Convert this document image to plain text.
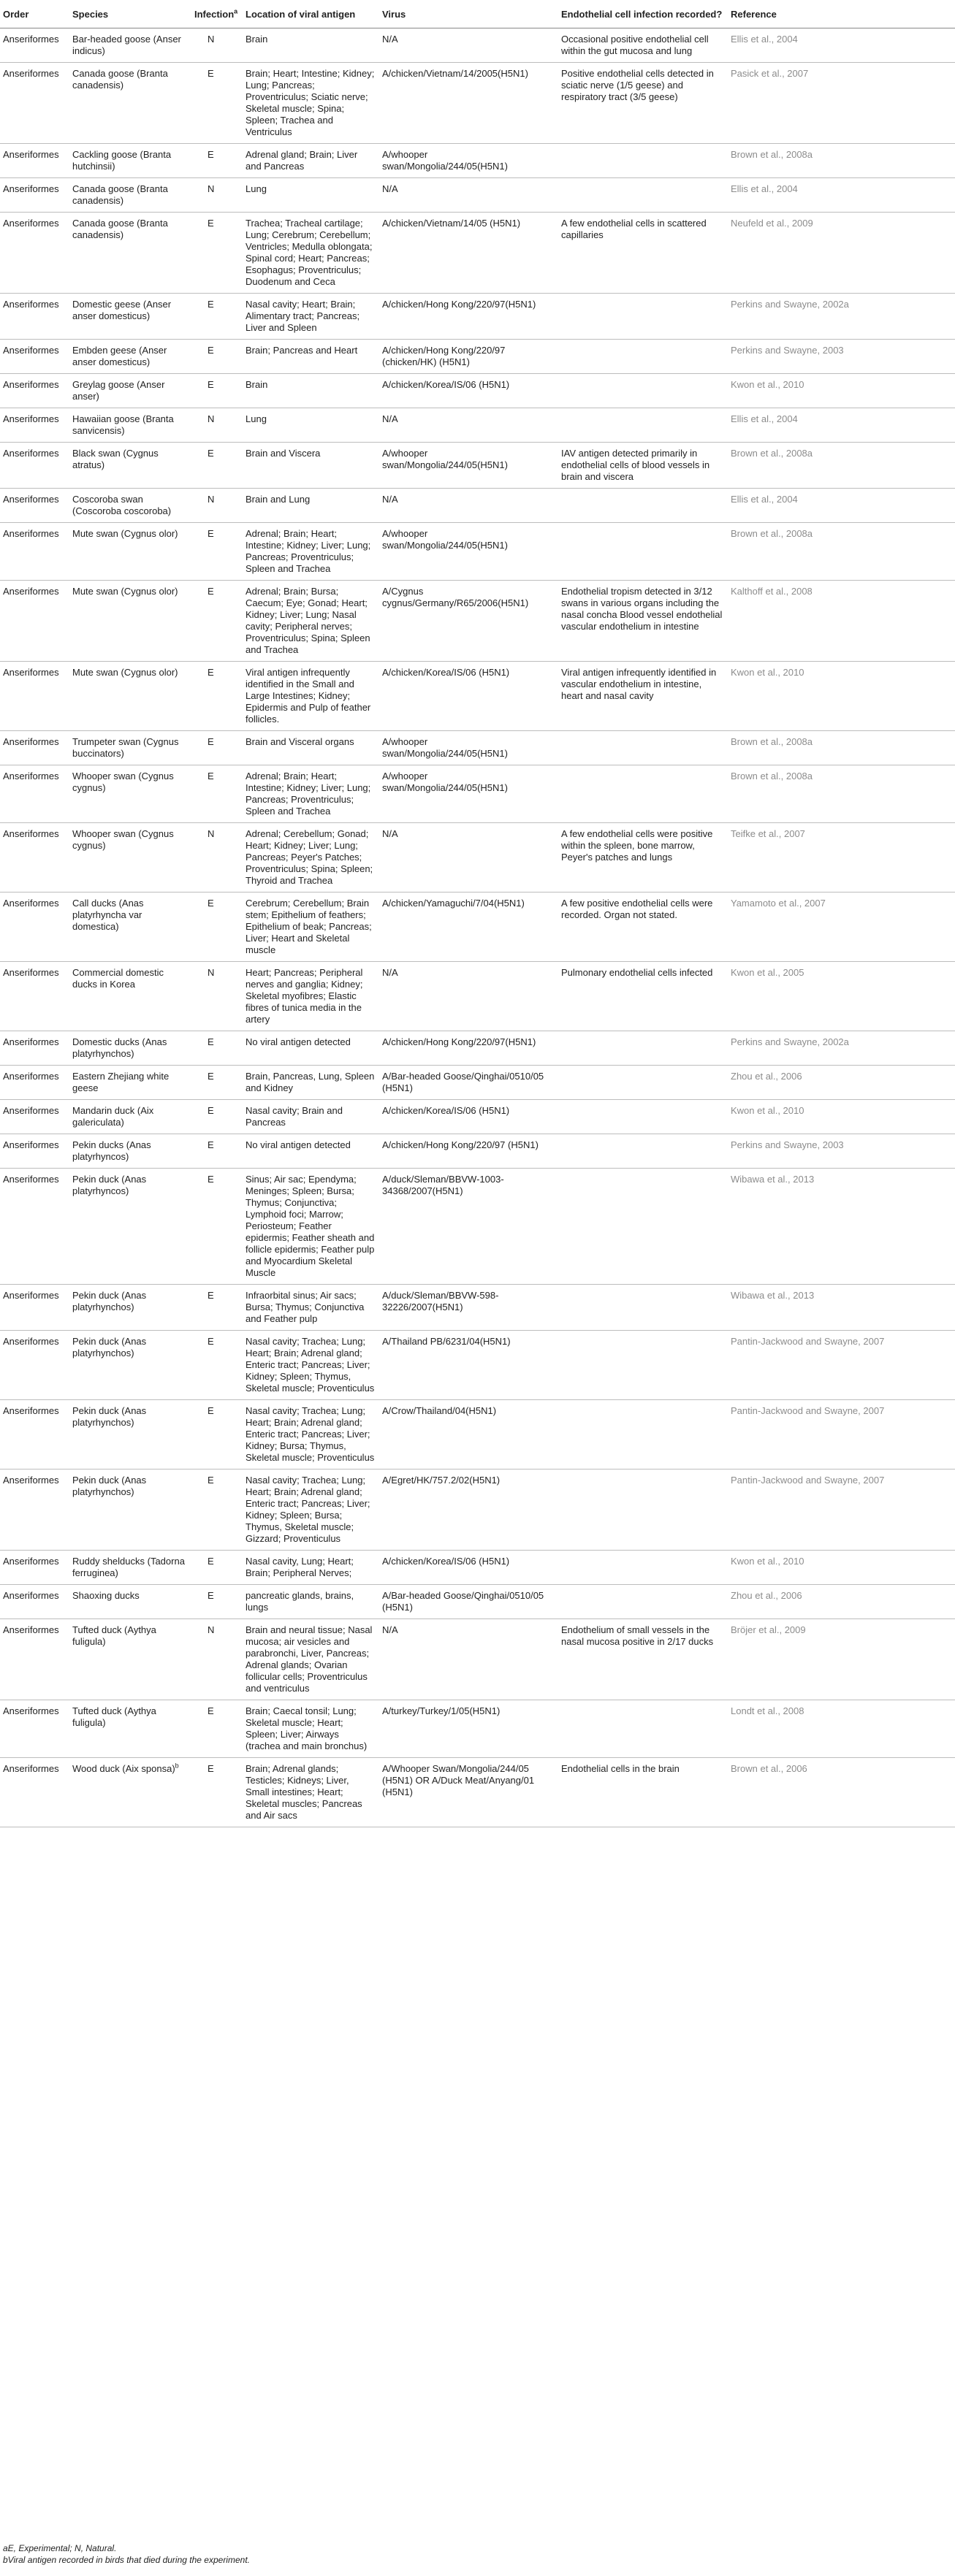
Order	Species	Infection$^a$	Location of viral antigen	Virus	Endothelial cell infection recorded?	Reference
Anseriformes	Bar-headed goose (Anser indicus)	N	Brain	N/A	Occasional positive endothelial cell within the gut mucosa and lung	Ellis et al., 2004
Anseriformes	Canada goose (Branta canadensis)	E	Brain; Heart; Intestine; Kidney; Lung; Pancreas; Proventriculus; Sciatic nerve; Skeletal muscle; Spina; Spleen; Trachea and Ventriculus	A/chicken/Vietnam/14/2005(H5N1)	Positive endothelial cells detected in sciatic nerve (1/5 geese) and respiratory tract (3/5 geese)	Pasick et al., 2007
Anseriformes	Cackling goose (Branta hutchinsii)	E	Adrenal gland; Brain; Liver and Pancreas	A/whooper swan/Mongolia/244/05(H5N1)		Brown et al., 2008a
Anseriformes	Canada goose (Branta canadensis)	N	Lung	N/A		Ellis et al., 2004
Anseriformes	Canada goose (Branta canadensis)	E	Trachea; Tracheal cartilage; Lung; Cerebrum; Cerebellum; Ventricles; Medulla oblongata; Spinal cord; Heart; Pancreas; Esophagus; Proventriculus; Duodenum and Ceca	A/chicken/Vietnam/14/05 (H5N1)	A few endothelial cells in scattered capillaries	Neufeld et al., 2009
Anseriformes	Domestic geese (Anser anser domesticus)	E	Nasal cavity; Heart; Brain; Alimentary tract; Pancreas; Liver and Spleen	A/chicken/Hong Kong/220/97(H5N1)		Perkins and Swayne, 2002a
Anseriformes	Embden geese (Anser anser domesticus)	E	Brain; Pancreas and Heart	A/chicken/Hong Kong/220/97 (chicken/HK) (H5N1)		Perkins and Swayne, 2003
Anseriformes	Greylag goose (Anser anser)	E	Brain	A/chicken/Korea/IS/06 (H5N1)		Kwon et al., 2010
Anseriformes	Hawaiian goose (Branta sanvicensis)	N	Lung	N/A		Ellis et al., 2004
Anseriformes	Black swan (Cygnus atratus)	E	Brain and Viscera	A/whooper swan/Mongolia/244/05(H5N1)	IAV antigen detected primarily in endothelial cells of blood vessels in brain and viscera	Brown et al., 2008a
Anseriformes	Coscoroba swan (Coscoroba coscoroba)	N	Brain and Lung	N/A		Ellis et al., 2004
Anseriformes	Mute swan (Cygnus olor)	E	Adrenal; Brain; Heart; Intestine; Kidney; Liver; Lung; Pancreas; Proventriculus; Spleen and Trachea	A/whooper swan/Mongolia/244/05(H5N1)		Brown et al., 2008a
Anseriformes	Mute swan (Cygnus olor)	E	Adrenal; Brain; Bursa; Caecum; Eye; Gonad; Heart; Kidney; Liver; Lung; Nasal cavity; Peripheral nerves; Proventriculus; Spina; Spleen and Trachea	A/Cygnus cygnus/Germany/R65/2006(H5N1)	Endothelial tropism detected in 3/12 swans in various organs including the nasal concha Blood vessel endothelial vascular endothelium in intestine	Kalthoff et al., 2008
Anseriformes	Mute swan (Cygnus olor)	E	Viral antigen infrequently identified in the Small and Large Intestines; Kidney; Epidermis and Pulp of feather follicles.	A/chicken/Korea/IS/06 (H5N1)	Viral antigen infrequently identified in vascular endothelium in intestine, heart and nasal cavity	Kwon et al., 2010
Anseriformes	Trumpeter swan (Cygnus buccinators)	E	Brain and Visceral organs	A/whooper swan/Mongolia/244/05(H5N1)		Brown et al., 2008a
Anseriformes	Whooper swan (Cygnus cygnus)	E	Adrenal; Brain; Heart; Intestine; Kidney; Liver; Lung; Pancreas; Proventriculus; Spleen and Trachea	A/whooper swan/Mongolia/244/05(H5N1)		Brown et al., 2008a
Anseriformes	Whooper swan (Cygnus cygnus)	N	Adrenal; Cerebellum; Gonad; Heart; Kidney; Liver; Lung; Pancreas; Peyer's Patches; Proventriculus; Spina; Spleen; Thyroid and Trachea	N/A	A few endothelial cells were positive within the spleen, bone marrow, Peyer's patches and lungs	Teifke et al., 2007
Anseriformes	Call ducks (Anas platyrhyncha var domestica)	E	Cerebrum; Cerebellum; Brain stem; Epithelium of feathers; Epithelium of beak; Pancreas; Liver; Heart and Skeletal muscle	A/chicken/Yamaguchi/7/04(H5N1)	A few positive endothelial cells were recorded. Organ not stated.	Yamamoto et al., 2007
Anseriformes	Commercial domestic ducks in Korea	N	Heart; Pancreas; Peripheral nerves and ganglia; Kidney; Skeletal myofibres; Elastic fibres of tunica media in the artery	N/A	Pulmonary endothelial cells infected	Kwon et al., 2005
Anseriformes	Domestic ducks (Anas platyrhynchos)	E	No viral antigen detected	A/chicken/Hong Kong/220/97(H5N1)		Perkins and Swayne, 2002a
Anseriformes	Eastern Zhejiang white geese	E	Brain, Pancreas, Lung, Spleen and Kidney	A/Bar-headed Goose/Qinghai/0510/05 (H5N1)		Zhou et al., 2006
Anseriformes	Mandarin duck (Aix galericulata)	E	Nasal cavity; Brain and Pancreas	A/chicken/Korea/IS/06 (H5N1)		Kwon et al., 2010
Anseriformes	Pekin ducks (Anas platyrhyncos)	E	No viral antigen detected	A/chicken/Hong Kong/220/97 (H5N1)		Perkins and Swayne, 2003
Anseriformes	Pekin duck (Anas platyrhyncos)	E	Sinus; Air sac; Ependyma; Meninges; Spleen; Bursa; Thymus; Conjunctiva; Lymphoid foci; Marrow; Periosteum; Feather epidermis; Feather sheath and follicle epidermis; Feather pulp and Myocardium Skeletal Muscle	A/duck/Sleman/BBVW-1003-34368/2007(H5N1)		Wibawa et al., 2013
Anseriformes	Pekin duck (Anas platyrhynchos)	E	Infraorbital sinus; Air sacs; Bursa; Thymus; Conjunctiva and Feather pulp	A/duck/Sleman/BBVW-598-32226/2007(H5N1)		Wibawa et al., 2013
Anseriformes	Pekin duck (Anas platyrhynchos)	E	Nasal cavity; Trachea; Lung; Heart; Brain; Adrenal gland; Enteric tract; Pancreas; Liver; Kidney; Spleen; Thymus, Skeletal muscle; Proventiculus	A/Thailand PB/6231/04(H5N1)		Pantin-Jackwood and Swayne, 2007
Anseriformes	Pekin duck (Anas platyrhynchos)	E	Nasal cavity; Trachea; Lung; Heart; Brain; Adrenal gland; Enteric tract; Pancreas; Liver; Kidney; Bursa; Thymus, Skeletal muscle; Proventiculus	A/Crow/Thailand/04(H5N1)		Pantin-Jackwood and Swayne, 2007
Anseriformes	Pekin duck (Anas platyrhynchos)	E	Nasal cavity; Trachea; Lung; Heart; Brain; Adrenal gland; Enteric tract; Pancreas; Liver; Kidney; Spleen; Bursa; Thymus, Skeletal muscle; Gizzard; Proventiculus	A/Egret/HK/757.2/02(H5N1)		Pantin-Jackwood and Swayne, 2007
Anseriformes	Ruddy shelducks (Tadorna ferruginea)	E	Nasal cavity, Lung; Heart; Brain; Peripheral Nerves;	A/chicken/Korea/IS/06 (H5N1)		Kwon et al., 2010
Anseriformes	Shaoxing ducks	E	pancreatic glands, brains, lungs	A/Bar-headed Goose/Qinghai/0510/05 (H5N1)		Zhou et al., 2006
Anseriformes	Tufted duck (Aythya fuligula)	N	Brain and neural tissue; Nasal mucosa; air vesicles and parabronchi, Liver, Pancreas; Adrenal glands; Ovarian follicular cells; Proventriculus and ventriculus	N/A	Endothelium of small vessels in the nasal mucosa positive in 2/17 ducks	Bröjer et al., 2009
Anseriformes	Tufted duck (Aythya fuligula)	E	Brain; Caecal tonsil; Lung; Skeletal muscle; Heart; Spleen; Liver; Airways (trachea and main bronchus)	A/turkey/Turkey/1/05(H5N1)		Londt et al., 2008
Anseriformes	Wood duck (Aix sponsa)$^b$	E	Brain; Adrenal glands; Testicles; Kidneys; Liver, Small intestines; Heart; Skeletal muscles; Pancreas and Air sacs	A/Whooper Swan/Mongolia/244/05 (H5N1) OR A/Duck Meat/Anyang/01 (H5N1)	Endothelial cells in the brain	Brown et al., 2006
aE, Experimental; N, Natural.
bViral antigen recorded in birds that died during the experiment.
